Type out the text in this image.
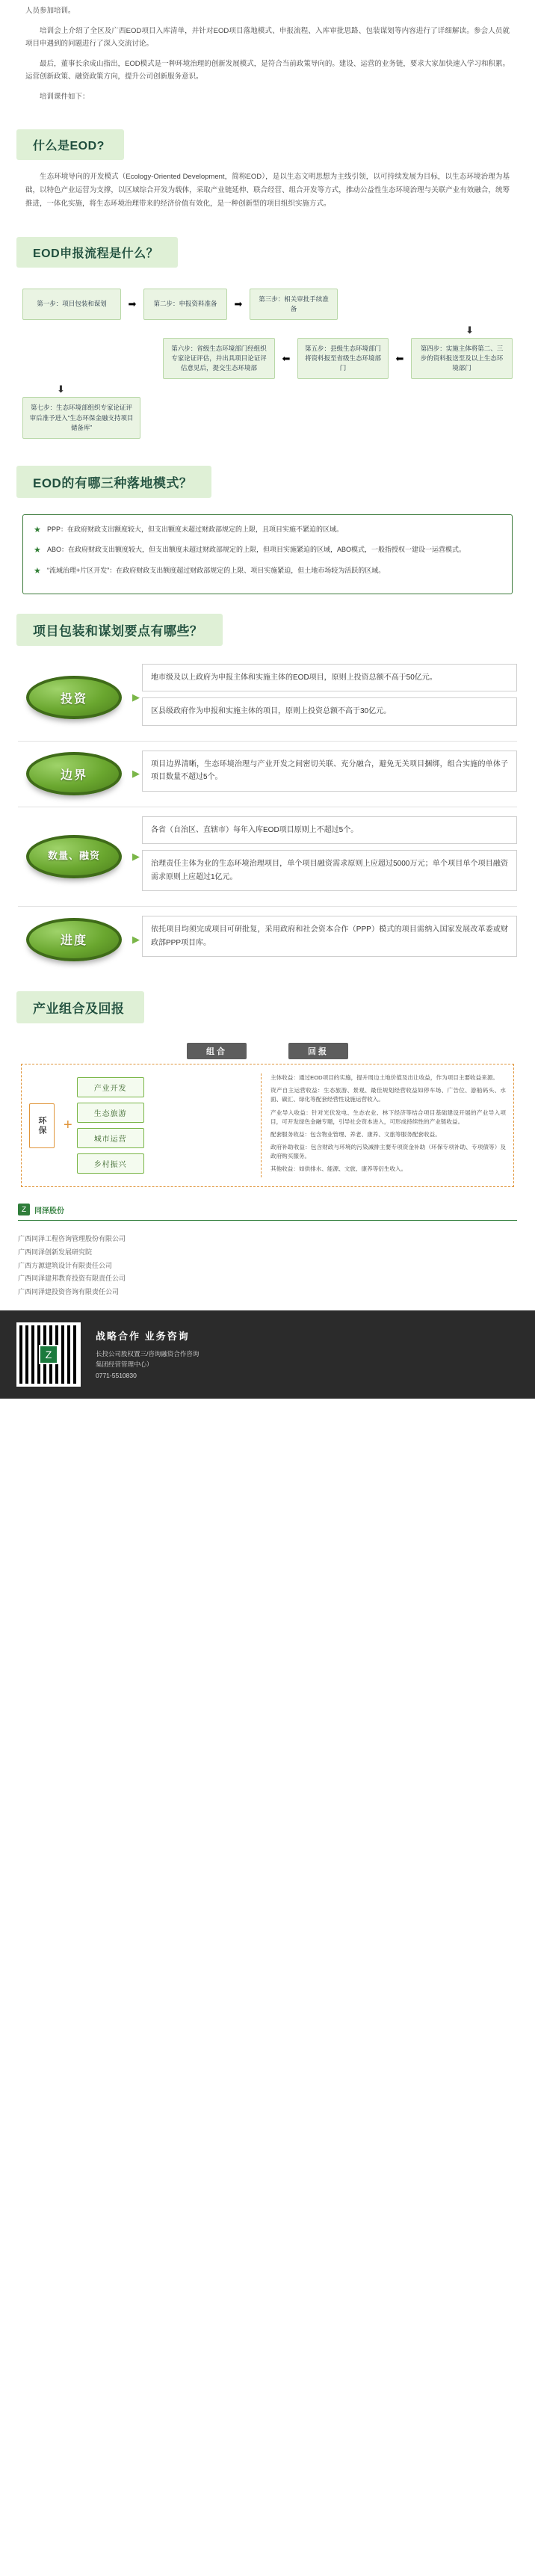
人员参加培训。

培训会上介绍了全区及广西EOD项目入库清单，并针对EOD项目落地模式、申报流程、入库审批思路、包装谋划等内容进行了详细解读。参会人员就项目申遇到的问题进行了深入交流讨论。

最后，董事长余成山指出，EOD模式是一种环境治理的创新发展模式，是符合当前政策导向的。建设、运营的业务链，要求大家加快速入学习和积累。运营创新政策、融资政策方向，提升公司创新服务意识。

培训课件如下：

什么是EOD?

生态环境导向的开发模式（Ecology-Oriented Development，简称EOD），是以生态文明思想为主线引领，以可持续发展为目标，以生态环境治理为基础，以特色产业运营为支撑，以区域综合开发为载体，采取产业链延伸、联合经营、组合开发等方式，推动公益性生态环境治理与关联产业有效融合，统筹推进，一体化实施，将生态环境治理带来的经济价值有效化，是一种创新型的项目组织实施方式。

EOD申报流程是什么？
第一步：项目包装和谋划	➡	第二步：申报资料准备	➡	第三步：相关审批手续准备
⬇
第六步：省级生态环境部门经组织专家论证评估，并出具项目论证评估意见后，提交生态环境部
⬅
第五步：县级生态环境部门将资料报至省级生态环境部门
⬅
第四步：实施主体将第二、三步的资料报送至及以上生态环境部门
⬇
第七步：生态环境部组织专家论证评审后准予进入“生态环保金融支持项目储备库”
EOD的有哪三种落地模式？
★ PPP：在政府财政支出额度较大，但支出额度未超过财政部规定的上限，且项目实施不紧迫的区域。
★ ABO：在政府财政支出额度较大，但支出额度未超过财政部规定的上限，但项目实施紧迫的区域，ABO模式，一般指授权一建设一运营模式。
★ “流域治理+片区开发”：在政府财政支出额度超过财政部规定的上限、项目实施紧迫，但土地市场较为活跃的区域。
项目包装和谋划要点有哪些？
投资	▶
地市级及以上政府为申报主体和实施主体的EOD项目，原则上投资总额不高于50亿元。
区县级政府作为申报和实施主体的项目，原则上投资总额不高于30亿元。
边界	▶
项目边界清晰，生态环境治理与产业开发之间密切关联、充分融合，避免无关项目捆绑，组合实施的单体子项目数量不超过5个。
数量、融资	▶
各省（自治区、直辖市）每年入库EOD项目原则上不超过5个。
治理责任主体为业的生态环境治理项目，单个项目融资需求原则上应超过5000万元；单个项目单个项目融资需求原则上应超过1亿元。
进度	▶
依托项目均须完成项目可研批复，采用政府和社会资本合作（PPP）模式的项目需纳入国家发展改革委或财政部PPP项目库。
产业组合及回报
组合	回报
环保	+
产业开发
生态旅游
城市运营
乡村振兴
主体收益：通过EOD项目的实施，提升周边土地价值及出让收益，作为项目主要收益来源。
资产自主运营收益：生态旅游、景观、最佳规划经营收益如停车场、广告位、游船码头、水面、碳汇、绿化等配套经营性设施运营收入。
产业导入收益：针对光伏发电、生态农业、林下经济等结合项目基础建设开展的产业导入项目，可开发绿色金融专题，引导社会资本进入，可形成持续性的产业链收益。
配套服务收益：包含物业管理、养老、康养、文旅等服务配套收益。
政府补助收益：包含财政与环境的污染减排主要专项资金补助（环保专项补助、专项债等）及政府购买服务。
其他收益：如供排水、能源、文旅、康养等衍生收入。
Z	同泽股份
广西同泽工程咨询管理股份有限公司
广西同泽创新发展研究院
广西方源建筑设计有限责任公司
广西同泽建邦教育投资有限责任公司
广西同泽建投资咨询有限责任公司
Z
战略合作 业务咨询
长投公司股权置三/咨询融资合作咨询
集团经营管理中心）
0771-5510830
